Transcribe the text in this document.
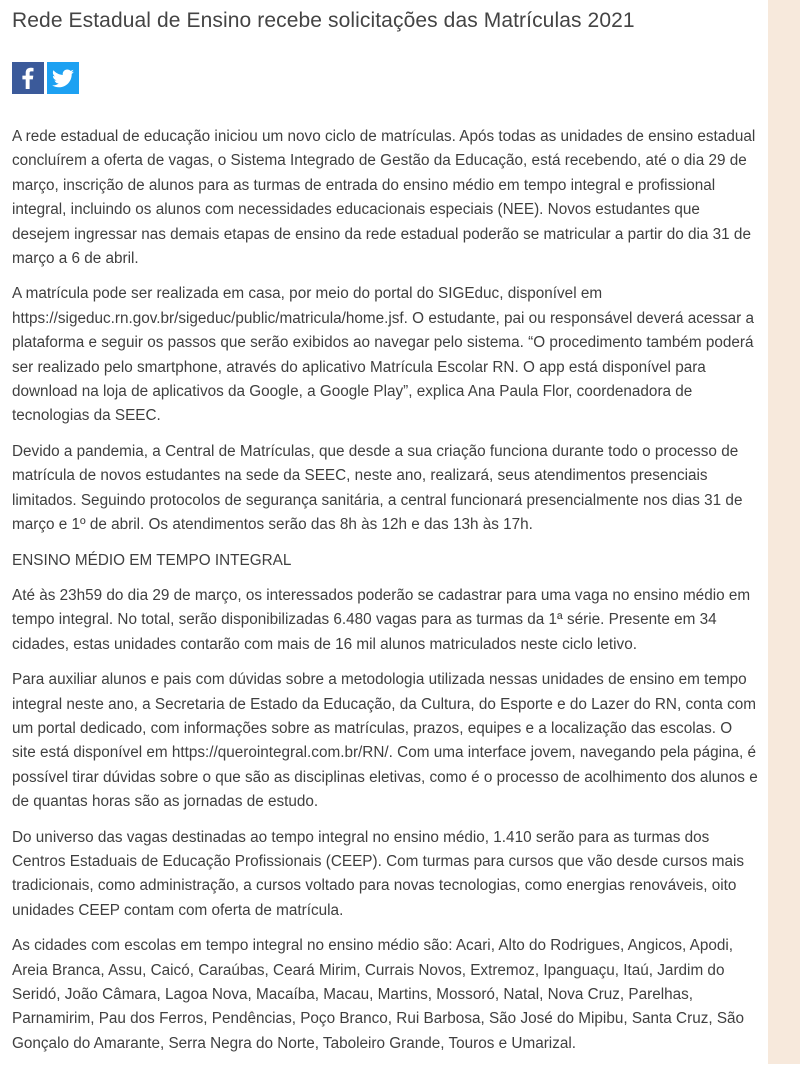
Rede Estadual de Ensino recebe solicitações das Matrículas 2021

A rede estadual de educação iniciou um novo ciclo de matrículas. Após todas as unidades de ensino estadual concluírem a oferta de vagas, o Sistema Integrado de Gestão da Educação, está recebendo, até o dia 29 de março, inscrição de alunos para as turmas de entrada do ensino médio em tempo integral e profissional integral, incluindo os alunos com necessidades educacionais especiais (NEE). Novos estudantes que desejem ingressar nas demais etapas de ensino da rede estadual poderão se matricular a partir do dia 31 de março a 6 de abril.

A matrícula pode ser realizada em casa, por meio do portal do SIGEduc, disponível em https://sigeduc.rn.gov.br/sigeduc/public/matricula/home.jsf. O estudante, pai ou responsável deverá acessar a plataforma e seguir os passos que serão exibidos ao navegar pelo sistema. “O procedimento também poderá ser realizado pelo smartphone, através do aplicativo Matrícula Escolar RN. O app está disponível para download na loja de aplicativos da Google, a Google Play”, explica Ana Paula Flor, coordenadora de tecnologias da SEEC.

Devido a pandemia, a Central de Matrículas, que desde a sua criação funciona durante todo o processo de matrícula de novos estudantes na sede da SEEC, neste ano, realizará, seus atendimentos presenciais limitados. Seguindo protocolos de segurança sanitária, a central funcionará presencialmente nos dias 31 de março e 1º de abril. Os atendimentos serão das 8h às 12h e das 13h às 17h.

ENSINO MÉDIO EM TEMPO INTEGRAL

Até às 23h59 do dia 29 de março, os interessados poderão se cadastrar para uma vaga no ensino médio em tempo integral. No total, serão disponibilizadas 6.480 vagas para as turmas da 1ª série. Presente em 34 cidades, estas unidades contarão com mais de 16 mil alunos matriculados neste ciclo letivo.

Para auxiliar alunos e pais com dúvidas sobre a metodologia utilizada nessas unidades de ensino em tempo integral neste ano, a Secretaria de Estado da Educação, da Cultura, do Esporte e do Lazer do RN, conta com um portal dedicado, com informações sobre as matrículas, prazos, equipes e a localização das escolas. O site está disponível em https://querointegral.com.br/RN/. Com uma interface jovem, navegando pela página, é possível tirar dúvidas sobre o que são as disciplinas eletivas, como é o processo de acolhimento dos alunos e de quantas horas são as jornadas de estudo.

Do universo das vagas destinadas ao tempo integral no ensino médio, 1.410 serão para as turmas dos Centros Estaduais de Educação Profissionais (CEEP). Com turmas para cursos que vão desde cursos mais tradicionais, como administração, a cursos voltado para novas tecnologias, como energias renováveis, oito unidades CEEP contam com oferta de matrícula.

As cidades com escolas em tempo integral no ensino médio são: Acari, Alto do Rodrigues, Angicos, Apodi, Areia Branca, Assu, Caicó, Caraúbas, Ceará Mirim, Currais Novos, Extremoz, Ipanguaçu, Itaú, Jardim do Seridó, João Câmara, Lagoa Nova, Macaíba, Macau, Martins, Mossoró, Natal, Nova Cruz, Parelhas, Parnamirim, Pau dos Ferros, Pendências, Poço Branco, Rui Barbosa, São José do Mipibu, Santa Cruz, São Gonçalo do Amarante, Serra Negra do Norte, Taboleiro Grande, Touros e Umarizal.
